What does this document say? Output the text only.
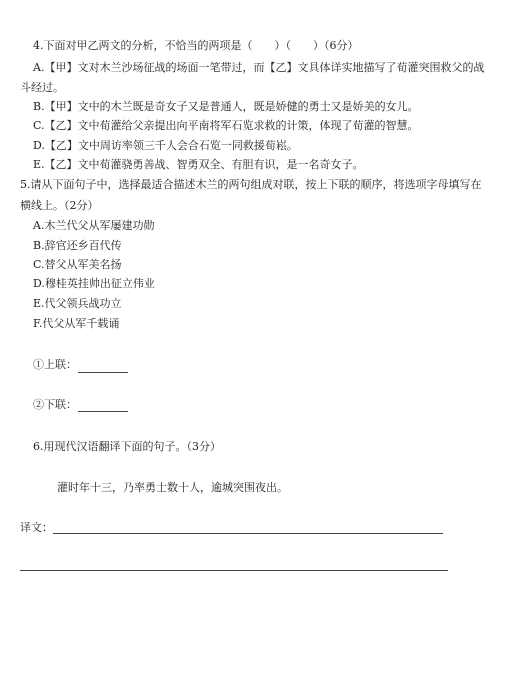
4.下面对甲乙两文的分析，不恰当的两项是（　　）（　　）（6分）
A.【甲】文对木兰沙场征战的场面一笔带过，而【乙】文具体详实地描写了荀灌突围救父的战
斗经过。
B.【甲】文中的木兰既是奇女子又是普通人，既是娇健的勇士又是娇美的女儿。
C.【乙】文中荀灌给父亲提出向平南将军石览求救的计策，体现了荀灌的智慧。
D.【乙】文中周访率领三千人会合石览一同救援荀崧。
E.【乙】文中荀灌骁勇善战、智勇双全、有胆有识，是一名奇女子。
5.请从下面句子中，选择最适合描述木兰的两句组成对联，按上下联的顺序，将选项字母填写在
横线上。（2分）
A.木兰代父从军屡建功勋
B.辞官还乡百代传
C.替父从军美名扬
D.穆桂英挂帅出征立伟业
E.代父领兵战功立
F.代父从军千载诵
①上联：
②下联：
6.用现代汉语翻译下面的句子。（3分）
灌时年十三，乃率勇士数十人，逾城突围夜出。
译文：
